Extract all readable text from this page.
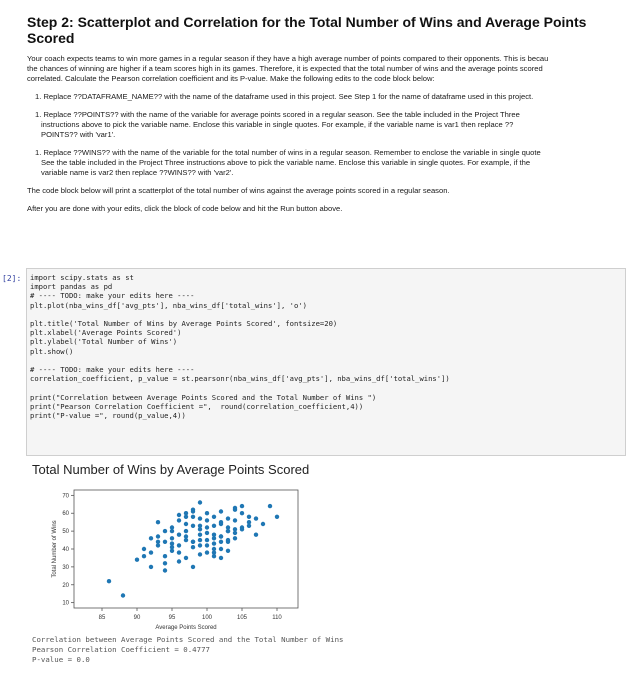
Step 2: Scatterplot and Correlation for the Total Number of Wins and Average Points Scored
Your coach expects teams to win more games in a regular season if they have a high average number of points compared to their opponents. This is becau
the chances of winning are higher if a team scores high in its games. Therefore, it is expected that the total number of wins and the average points scored
correlated. Calculate the Pearson correlation coefficient and its P-value. Make the following edits to the code block below:
1. Replace ??DATAFRAME_NAME?? with the name of the dataframe used in this project. See Step 1 for the name of dataframe used in this project.
1. Replace ??POINTS?? with the name of the variable for average points scored in a regular season. See the table included in the Project Three
instructions above to pick the variable name. Enclose this variable in single quotes. For example, if the variable name is var1 then replace ??
POINTS?? with 'var1'.
1. Replace ??WINS?? with the name of the variable for the total number of wins in a regular season. Remember to enclose the variable in single quote
See the table included in the Project Three instructions above to pick the variable name. Enclose this variable in single quotes. For example, if the
variable name is var2 then replace ??WINS?? with 'var2'.
The code block below will print a scatterplot of the total number of wins against the average points scored in a regular season.
After you are done with your edits, click the block of code below and hit the Run button above.
[2]: import scipy.stats as st
import pandas as pd
# ---- TODO: make your edits here ----
plt.plot(nba_wins_df['avg_pts'], nba_wins_df['total_wins'], 'o')

plt.title('Total Number of Wins by Average Points Scored', fontsize=20)
plt.xlabel('Average Points Scored')
plt.ylabel('Total Number of Wins')
plt.show()

# ---- TODO: make your edits here ----
correlation_coefficient, p_value = st.pearsonr(nba_wins_df['avg_pts'], nba_wins_df['total_wins'])

print("Correlation between Average Points Scored and the Total Number of Wins ")
print("Pearson Correlation Coefficient =",  round(correlation_coefficient,4))
print("P-value =", round(p_value,4))
Total Number of Wins by Average Points Scored
85	90	95	100	105	110
10
20
30
40
50
60
70
Average Points Scored
Total Number of Wins
Correlation between Average Points Scored and the Total Number of Wins
Pearson Correlation Coefficient = 0.4777
P-value = 0.0
